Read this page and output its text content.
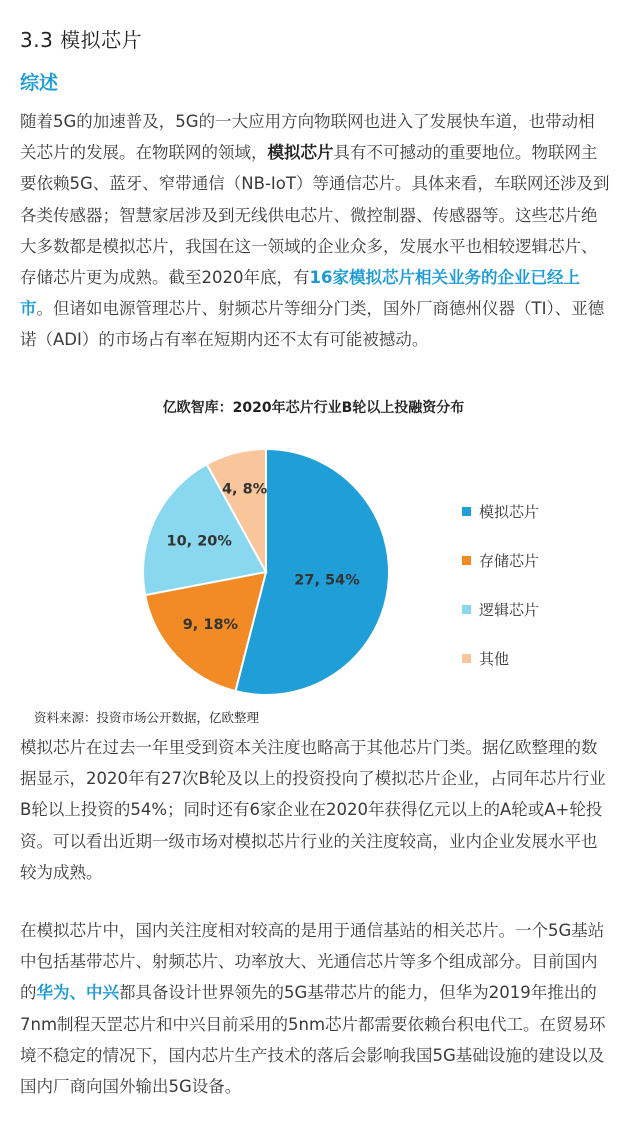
3.3 模拟芯片
综述

随着5G的加速普及，5G的一大应用方向物联网也进入了发展快车道，也带动相关芯片的发展。在物联网的领域，模拟芯片具有不可撼动的重要地位。物联网主要依赖5G、蓝牙、窄带通信（NB-IoT）等通信芯片。具体来看，车联网还涉及到各类传感器；智慧家居涉及到无线供电芯片、微控制器、传感器等。这些芯片绝大多数都是模拟芯片，我国在这一领域的企业众多，发展水平也相较逻辑芯片、存储芯片更为成熟。截至2020年底，有16家模拟芯片相关业务的企业已经上市。但诸如电源管理芯片、射频芯片等细分门类，国外厂商德州仪器（TI）、亚德诺（ADI）的市场占有率在短期内还不太有可能被撼动。

亿欧智库：2020年芯片行业B轮以上投融资分布
27, 54%
9, 18%
10, 20%
4, 8%
模拟芯片
存储芯片
逻辑芯片
其他
资料来源：投资市场公开数据，亿欧整理

模拟芯片在过去一年里受到资本关注度也略高于其他芯片门类。据亿欧整理的数据显示，2020年有27次B轮及以上的投资投向了模拟芯片企业，占同年芯片行业B轮以上投资的54%；同时还有6家企业在2020年获得亿元以上的A轮或A+轮投资。可以看出近期一级市场对模拟芯片行业的关注度较高，业内企业发展水平也较为成熟。

在模拟芯片中，国内关注度相对较高的是用于通信基站的相关芯片。一个5G基站中包括基带芯片、射频芯片、功率放大、光通信芯片等多个组成部分。目前国内的华为、中兴都具备设计世界领先的5G基带芯片的能力，但华为2019年推出的7nm制程天罡芯片和中兴目前采用的5nm芯片都需要依赖台积电代工。在贸易环境不稳定的情况下，国内芯片生产技术的落后会影响我国5G基础设施的建设以及国内厂商向国外输出5G设备。
